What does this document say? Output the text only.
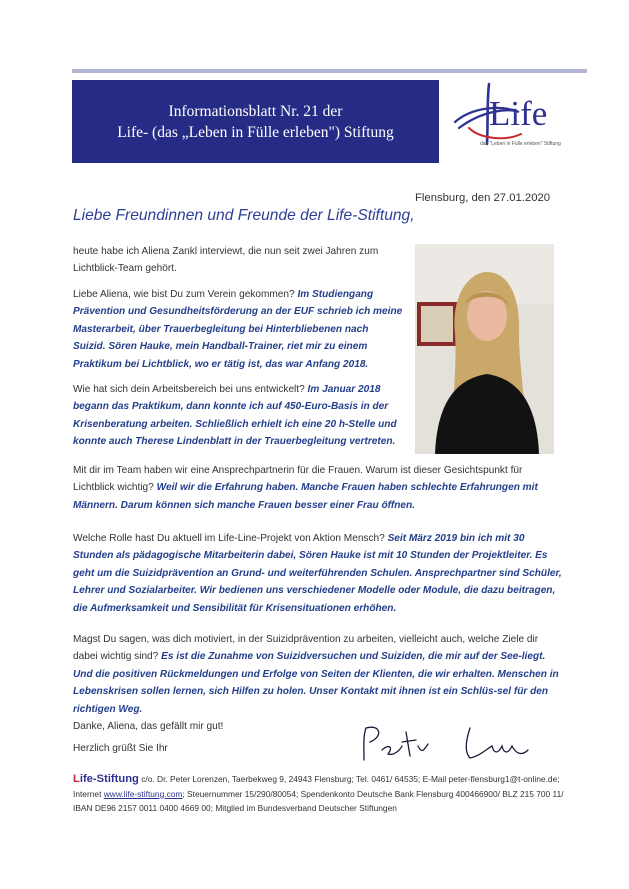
Informationsblatt Nr. 21 der
Life- (das „Leben in Fülle erleben") Stiftung	Life
das "Leben in Fülle erleben" Stiftung
Flensburg, den 27.01.2020
Liebe Freundinnen und Freunde der Life-Stiftung,
heute habe ich Aliena Zankl interviewt, die nun seit zwei Jahren zum Lichtblick-Team gehört.
Liebe Aliena, wie bist Du zum Verein gekommen? Im Studiengang Prävention und Gesundheitsförderung an der EUF schrieb ich meine Masterarbeit, über Trauerbegleitung bei Hinterbliebenen nach Suizid. Sören Hauke, mein Handball-Trainer, riet mir zu einem Praktikum bei Lichtblick, wo er tätig ist, das war Anfang 2018.
Wie hat sich dein Arbeitsbereich bei uns entwickelt? Im Januar 2018 begann das Praktikum, dann konnte ich auf 450-Euro-Basis in der Krisenberatung arbeiten. Schließlich erhielt ich eine 20 h-Stelle und konnte auch Therese Lindenblatt in der Trauerbegleitung vertreten.
Mit dir im Team haben wir eine Ansprechpartnerin für die Frauen. Warum ist dieser Gesichtspunkt für Lichtblick wichtig? Weil wir die Erfahrung haben. Manche Frauen haben schlechte Erfahrungen mit Männern. Darum können sich manche Frauen besser einer Frau öffnen.
Welche Rolle hast Du aktuell im Life-Line-Projekt von Aktion Mensch? Seit März 2019 bin ich mit 30 Stunden als pädagogische Mitarbeiterin dabei, Sören Hauke ist mit 10 Stunden der Projektleiter. Es geht um die Suizidprävention an Grund- und weiterführenden Schulen. Ansprechpartner sind Schüler, Lehrer und Sozialarbeiter. Wir bedienen uns verschiedener Modelle oder Module, die dazu beitragen, die Aufmerksamkeit und Sensibilität für Krisensituationen erhöhen.
Magst Du sagen, was dich motiviert, in der Suizidprävention zu arbeiten, vielleicht auch, welche Ziele dir dabei wichtig sind? Es ist die Zunahme von Suizidversuchen und Suiziden, die mir auf der See-liegt. Und die positiven Rückmeldungen und Erfolge von Seiten der Klienten, die wir erhalten. Menschen in Lebenskrisen sollen lernen, sich Hilfen zu holen. Unser Kontakt mit ihnen ist ein Schlüs-sel für den richtigen Weg.
Danke, Aliena, das gefällt mir gut!
Herzlich grüßt Sie Ihr
Life-Stiftung c/o. Dr. Peter Lorenzen, Taerbekweg 9, 24943 Flensburg; Tel. 0461/ 64535; E-Mail peter-flensburg1@t-online.de; Internet www.life-stiftung.com; Steuernummer 15/290/80054; Spendenkonto Deutsche Bank Flensburg 400466900/ BLZ 215 700 11/ IBAN DE96 2157 0011 0400 4669 00; Mitglied im Bundesverband Deutscher Stiftungen
